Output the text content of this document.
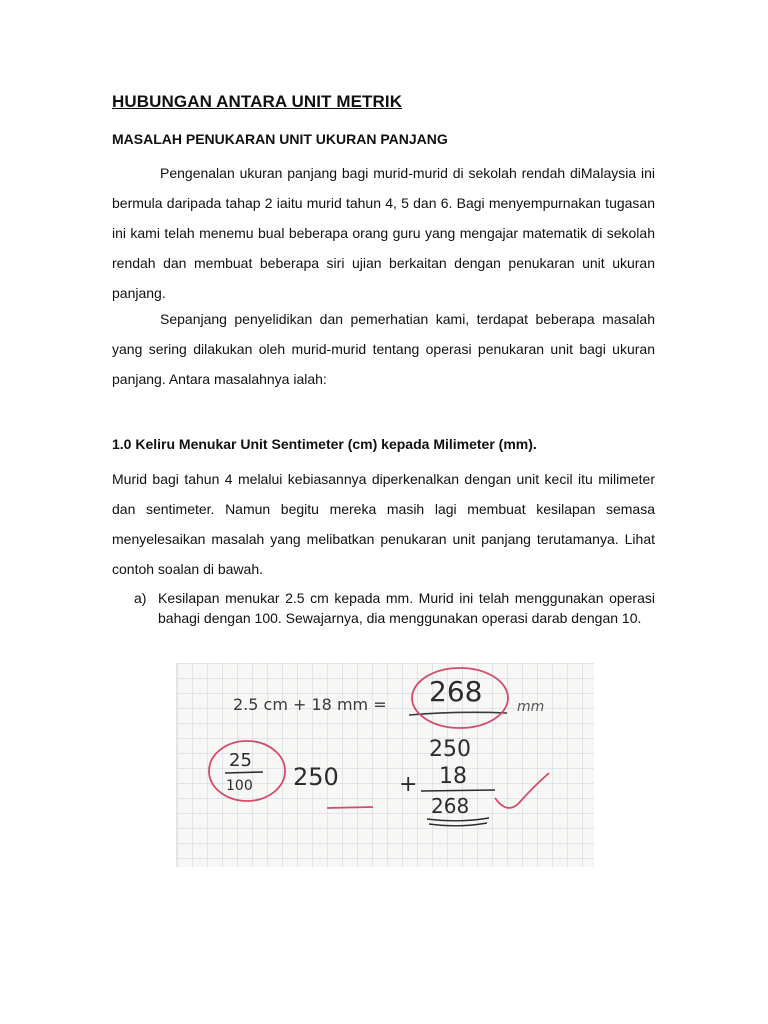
HUBUNGAN ANTARA UNIT METRIK
MASALAH PENUKARAN UNIT UKURAN PANJANG
Pengenalan ukuran panjang bagi murid-murid di sekolah rendah diMalaysia ini bermula daripada tahap 2 iaitu murid tahun 4, 5 dan 6. Bagi menyempurnakan tugasan ini kami telah menemu bual beberapa orang guru yang mengajar matematik di sekolah rendah dan membuat beberapa siri ujian berkaitan dengan penukaran unit ukuran panjang.
Sepanjang penyelidikan dan pemerhatian kami, terdapat beberapa masalah yang sering dilakukan oleh murid-murid tentang operasi penukaran unit bagi ukuran panjang. Antara masalahnya ialah:
1.0 Keliru Menukar Unit Sentimeter (cm) kepada Milimeter (mm).
Murid bagi tahun 4 melalui kebiasannya diperkenalkan dengan unit kecil itu milimeter dan sentimeter. Namun begitu mereka masih lagi membuat kesilapan semasa menyelesaikan masalah yang melibatkan penukaran unit panjang terutamanya. Lihat contoh soalan di bawah.
a) Kesilapan menukar 2.5 cm kepada mm. Murid ini telah menggunakan operasi bahagi dengan 100. Sewajarnya, dia menggunakan operasi darab dengan 10.
2.5 cm + 18 mm = 268 mm
25
100 250	+
250
18
268
